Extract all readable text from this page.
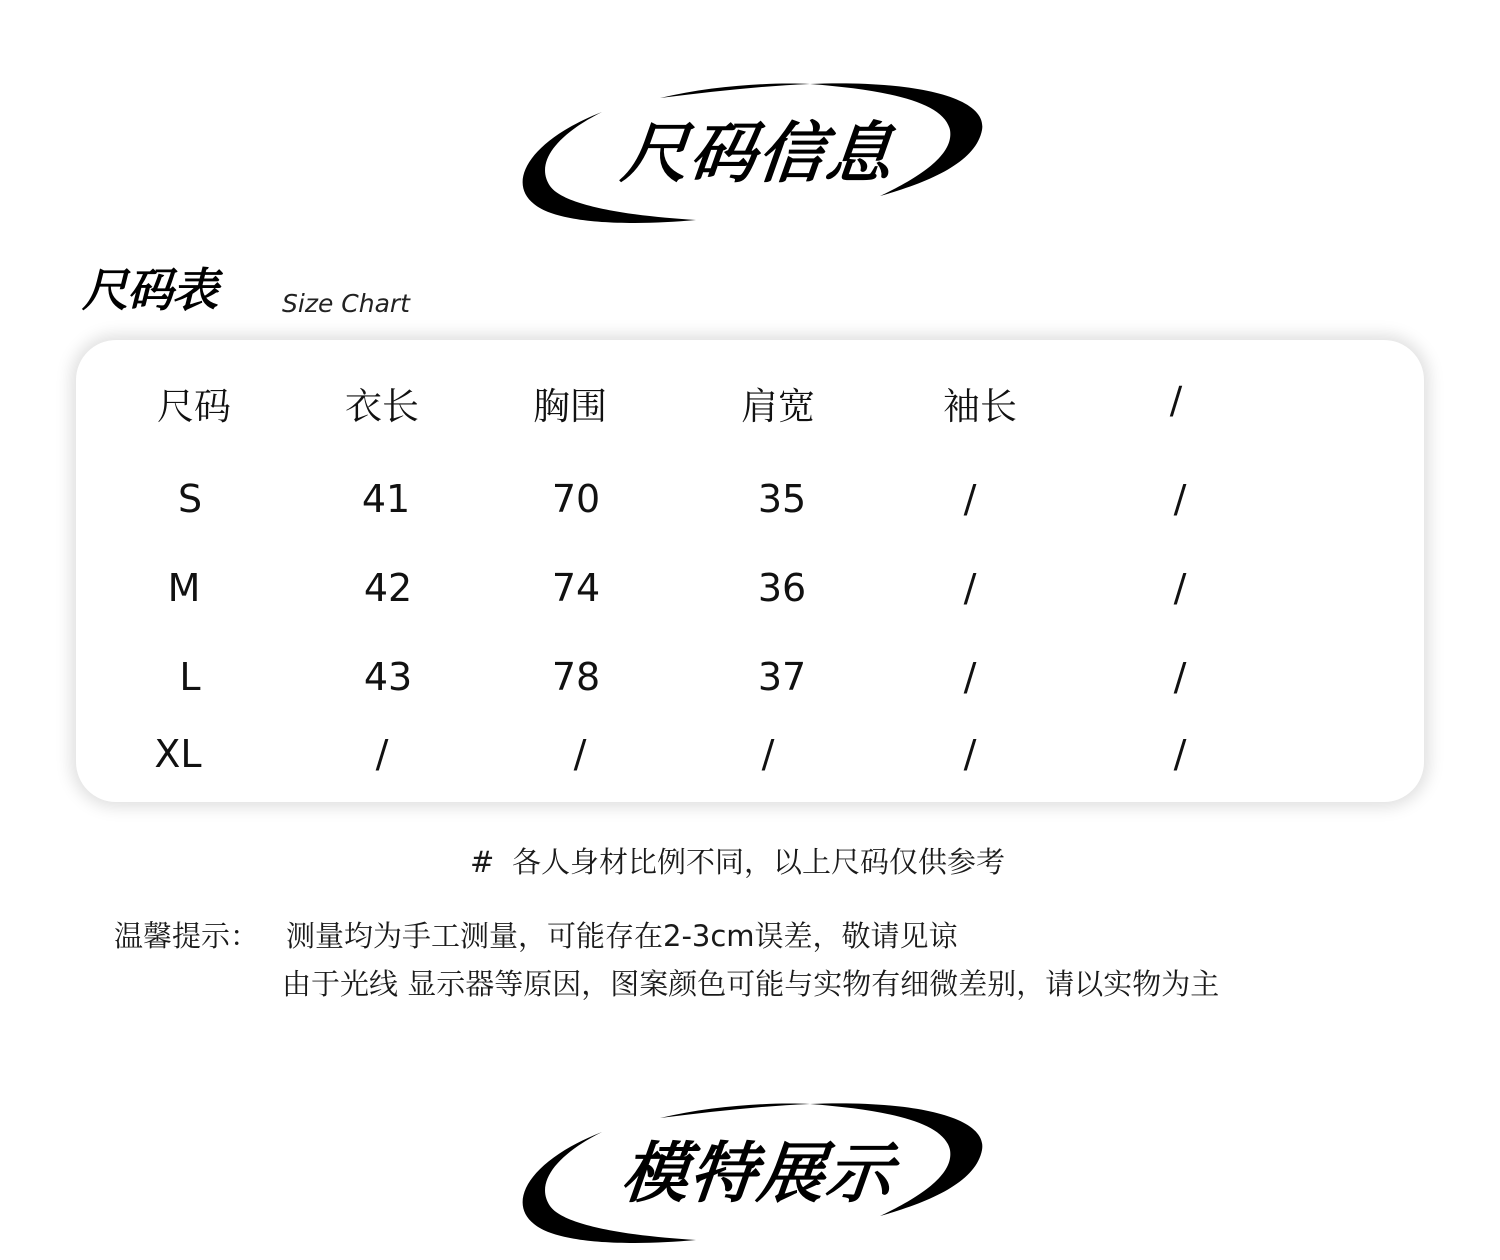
尺码信息
尺码表	Size Chart
尺码	衣长	胸围	肩宽	袖长	/
S	41	70	35	/	/
M	42	74	36	/	/
L	43	78	37	/	/
XL	/	/	/	/	/
# 各人身材比例不同，以上尺码仅供参考
温馨提示： 测量均为手工测量，可能存在2-3cm误差，敬请见谅
由于光线 显示器等原因，图案颜色可能与实物有细微差别，请以实物为主
模特展示
